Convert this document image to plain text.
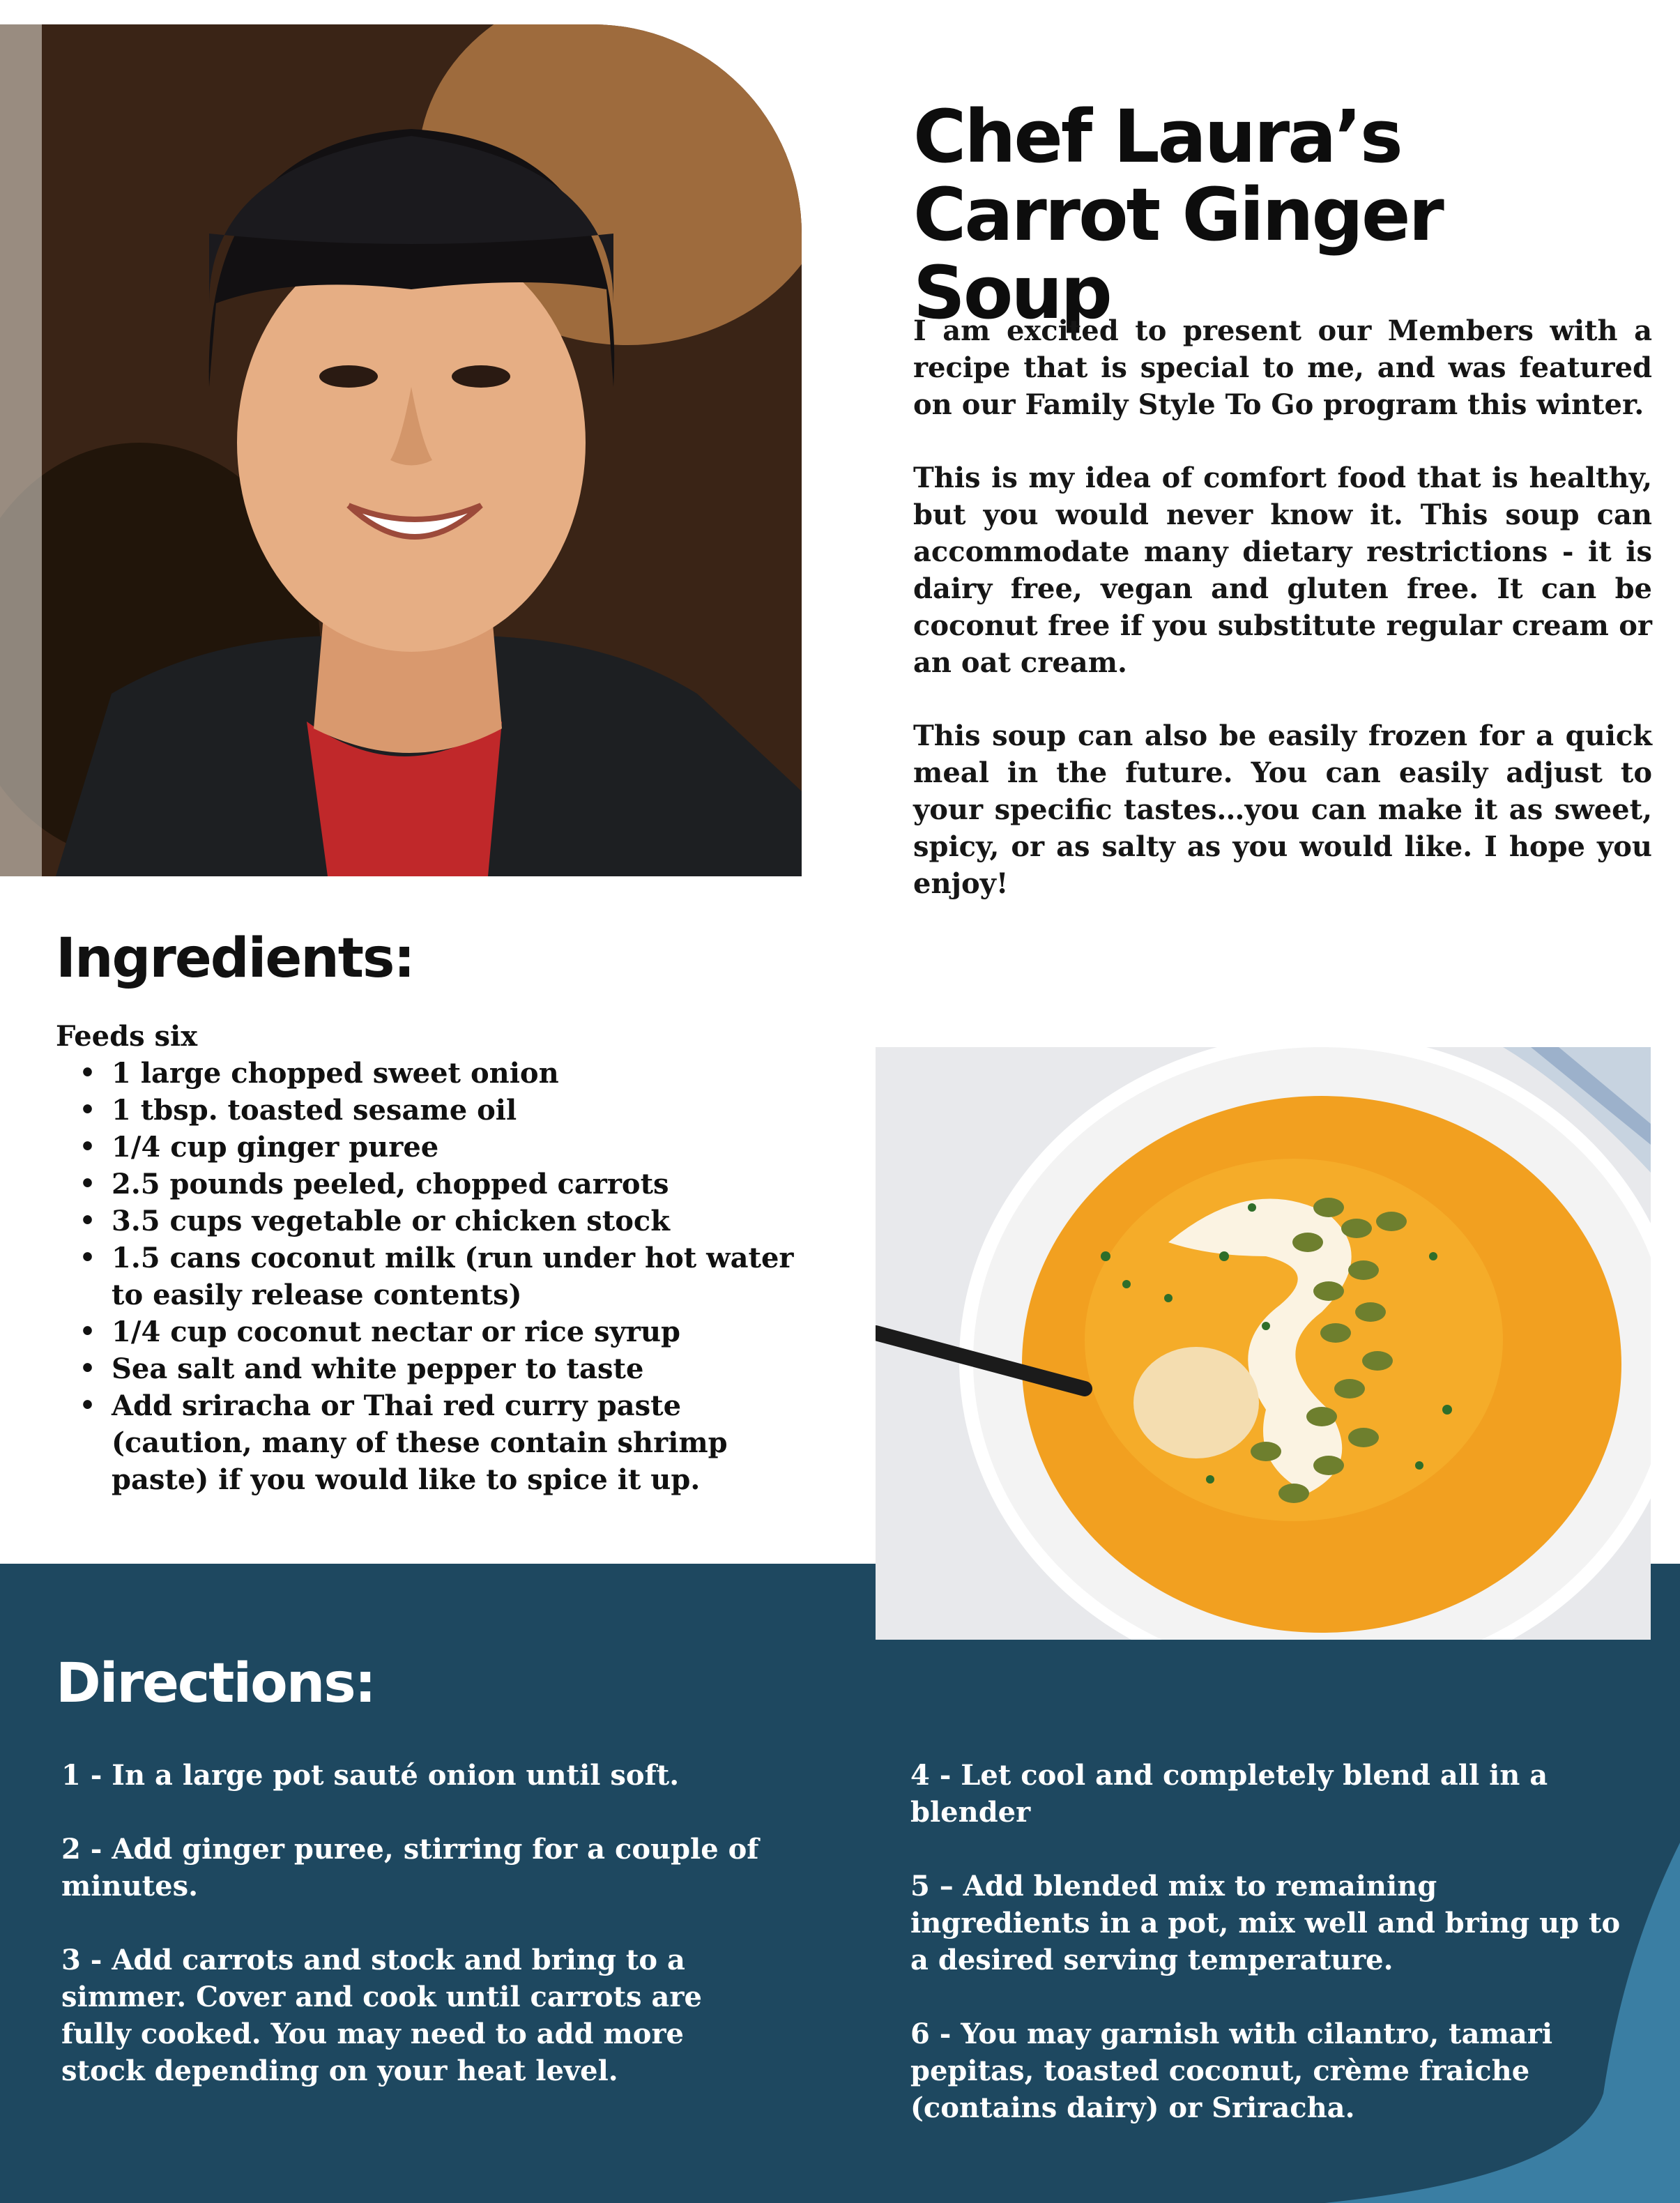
Chef Laura’s
Carrot Ginger Soup

I am excited to present our Members with a recipe that is special to me, and was featured on our Family Style To Go program this winter.

This is my idea of comfort food that is healthy, but you would never know it. This soup can accommodate many dietary restrictions - it is dairy free, vegan and gluten free. It can be coconut free if you substitute regular cream or an oat cream.

This soup can also be easily frozen for a quick meal in the future. You can easily adjust to your specific tastes…you can make it as sweet, spicy, or as salty as you would like. I hope you enjoy!

Ingredients:

Feeds six

• 1 large chopped sweet onion
• 1 tbsp. toasted sesame oil
• 1/4 cup ginger puree
• 2.5 pounds peeled, chopped carrots
• 3.5 cups vegetable or chicken stock
• 1.5 cans coconut milk (run under hot water to easily release contents)
• 1/4 cup coconut nectar or rice syrup
• Sea salt and white pepper to taste
• Add sriracha or Thai red curry paste (caution, many of these contain shrimp paste) if you would like to spice it up.
Directions:

1 - In a large pot sauté onion until soft.

2 - Add ginger puree, stirring for a couple of minutes.

3 - Add carrots and stock and bring to a simmer. Cover and cook until carrots are fully cooked. You may need to add more stock depending on your heat level.

4 - Let cool and completely blend all in a blender

5 – Add blended mix to remaining ingredients in a pot, mix well and bring up to a desired serving temperature.

6 - You may garnish with cilantro, tamari pepitas, toasted coconut, crème fraiche (contains dairy) or Sriracha.
